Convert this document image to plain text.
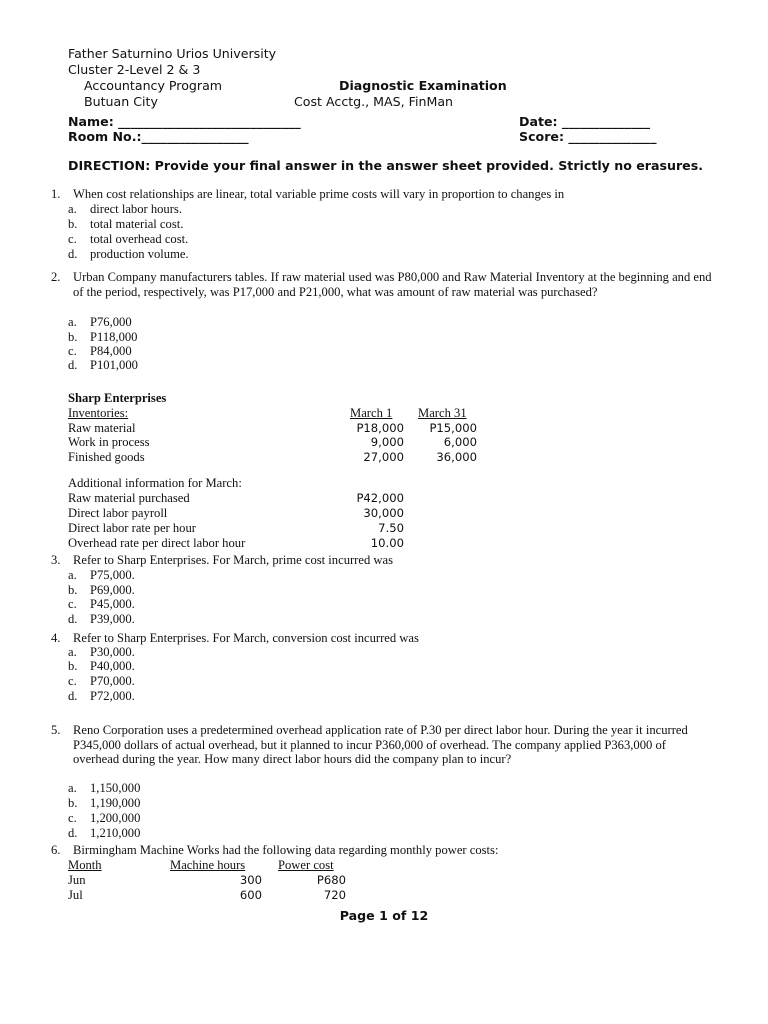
Father Saturnino Urios University
Cluster 2-Level 2 & 3
Accountancy Program
Butuan City
Diagnostic Examination
Cost Acctg., MAS, FinMan
Name: _____________________________
Room No.:_________________
Date: ______________
Score: ______________
DIRECTION: Provide your final answer in the answer sheet provided. Strictly no erasures.
1. When cost relationships are linear, total variable prime costs will vary in proportion to changes in
a. direct labor hours.
b. total material cost.
c. total overhead cost.
d. production volume.
2. Urban Company manufacturers tables. If raw material used was P80,000 and Raw Material Inventory at the beginning and end of the period, respectively, was P17,000 and P21,000, what was amount of raw material was purchased?
a. P76,000
b. P118,000
c. P84,000
d. P101,000
Sharp Enterprises
Inventories:	March 1 March 31
Raw material	P18,000	P15,000
Work in process	9,000	6,000
Finished goods	27,000	36,000
Additional information for March:
Raw material purchased	P42,000
Direct labor payroll	30,000
Direct labor rate per hour	7.50
Overhead rate per direct labor hour	10.00
3. Refer to Sharp Enterprises. For March, prime cost incurred was
a. P75,000.
b. P69,000.
c. P45,000.
d. P39,000.
4. Refer to Sharp Enterprises. For March, conversion cost incurred was
a. P30,000.
b. P40,000.
c. P70,000.
d. P72,000.
5. Reno Corporation uses a predetermined overhead application rate of P.30 per direct labor hour. During the year it incurred P345,000 dollars of actual overhead, but it planned to incur P360,000 of overhead. The company applied P363,000 of overhead during the year. How many direct labor hours did the company plan to incur?
a. 1,150,000
b. 1,190,000
c. 1,200,000
d. 1,210,000
6. Birmingham Machine Works had the following data regarding monthly power costs:
Month	Machine hours	Power cost
Jun	300	P680
Jul	600	720
Page 1 of 12
